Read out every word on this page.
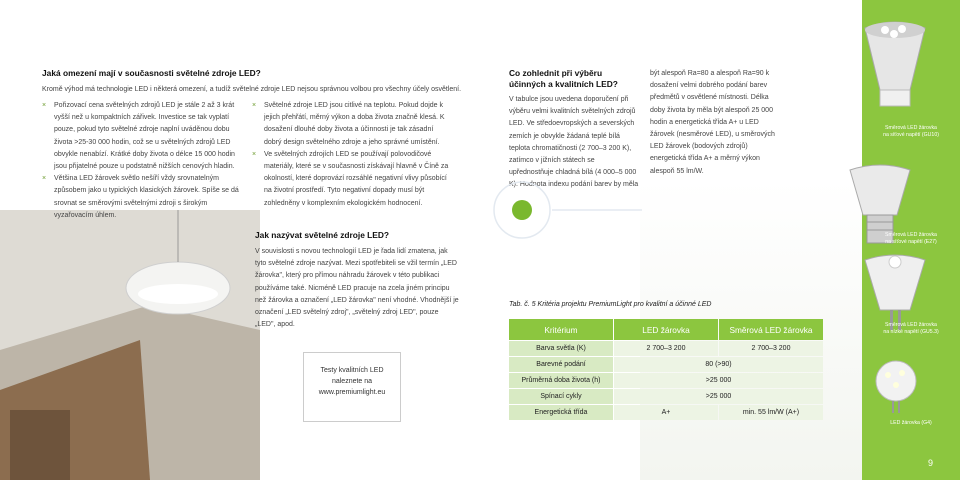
Jaká omezení mají v současnosti světelné zdroje LED?

Kromě výhod má technologie LED i některá omezení, a tudíž světelné zdroje LED nejsou správnou volbou pro všechny účely osvětlení.

× Pořizovací cena světelných zdrojů LED je stále 2 až 3 krát vyšší než u kompaktních zářivek. Investice se tak vyplatí pouze, pokud tyto světelné zdroje naplní uváděnou dobu života >25-30 000 hodin, což se u světelných zdrojů LED obvykle nenabízí. Krátké doby života o délce 15 000 hodin jsou přijatelné pouze u podstatně nižších cenových hladin.
× Většina LED žárovek světlo nešíří vždy srovnatelným způsobem jako u typických klasických žárovek. Spíše se dá srovnat se směrovými světelnými zdroji s širokým vyzařovacím úhlem.
× Světelné zdroje LED jsou citlivé na teplotu. Pokud dojde k jejich přehřátí, měrný výkon a doba života značně klesá. K dosažení dlouhé doby života a účinnosti je tak zásadní dobrý design světelného zdroje a jeho správné umístění.
× Ve světelných zdrojích LED se používají polovodičové materiály, které se v současnosti získávají hlavně v Číně za okolností, které doprovází rozsáhlé negativní vlivy působící na životní prostředí. Tyto negativní dopady musí být zohledněny v komplexním ekologickém hodnocení.
Jak nazývat světelné zdroje LED?

V souvislosti s novou technologií LED je řada lidí zmatena, jak tyto světelné zdroje nazývat. Mezi spotřebiteli se vžil termín „LED žárovka", který pro přímou náhradu žárovek v této publikaci používáme také. Nicméně LED pracuje na zcela jiném principu než žárovka a označení „LED žárovka" není vhodné. Vhodnější je označení „LED světelný zdroj", „světelný zdroj LED", pouze „LED", apod.

Testy kvalitních LED
naleznete na
www.premiumlight.eu
Co zohlednit při výběru účinných a kvalitních LED?

V tabulce jsou uvedena doporučení při výběru velmi kvalitních světelných zdrojů LED. Ve středoevropských a severských zemích je obvykle žádaná teplé bílá teplota chromatičnosti (2 700–3 200 K), zatímco v jižních státech se upřednostňuje chladná bílá (4 000–5 000 K). Hodnota indexu podání barev by měla

být alespoň Ra=80 a alespoň Ra=90 k dosažení velmi dobrého podání barev předmětů v osvětlené místnosti. Délka doby života by měla být alespoň 25 000 hodin a energetická třída A+ u LED žárovek (nesměrové LED), u směrových LED žárovek (bodových zdrojů) energetická třída A+ a měrný výkon alespoň 55 lm/W.

Tab. č. 5 Kritéria projektu PremiumLight pro kvalitní a účinné LED

Kritérium	LED žárovka	Směrová LED žárovka
Barva světla (K)	2 700–3 200	2 700–3 200
Barevné podání	80 (>90)	
Průměrná doba života (h)	>25 000	
Spínací cykly	>25 000	
Energetická třída	A+	min. 55 lm/W (A+)
Směrová LED žárovka
na síťové napětí (GU10)
Směrová LED žárovka
na síťové napětí (E27)
Směrová LED žárovka
na nízké napětí (GU5.3)
LED žárovka (G4)
9
